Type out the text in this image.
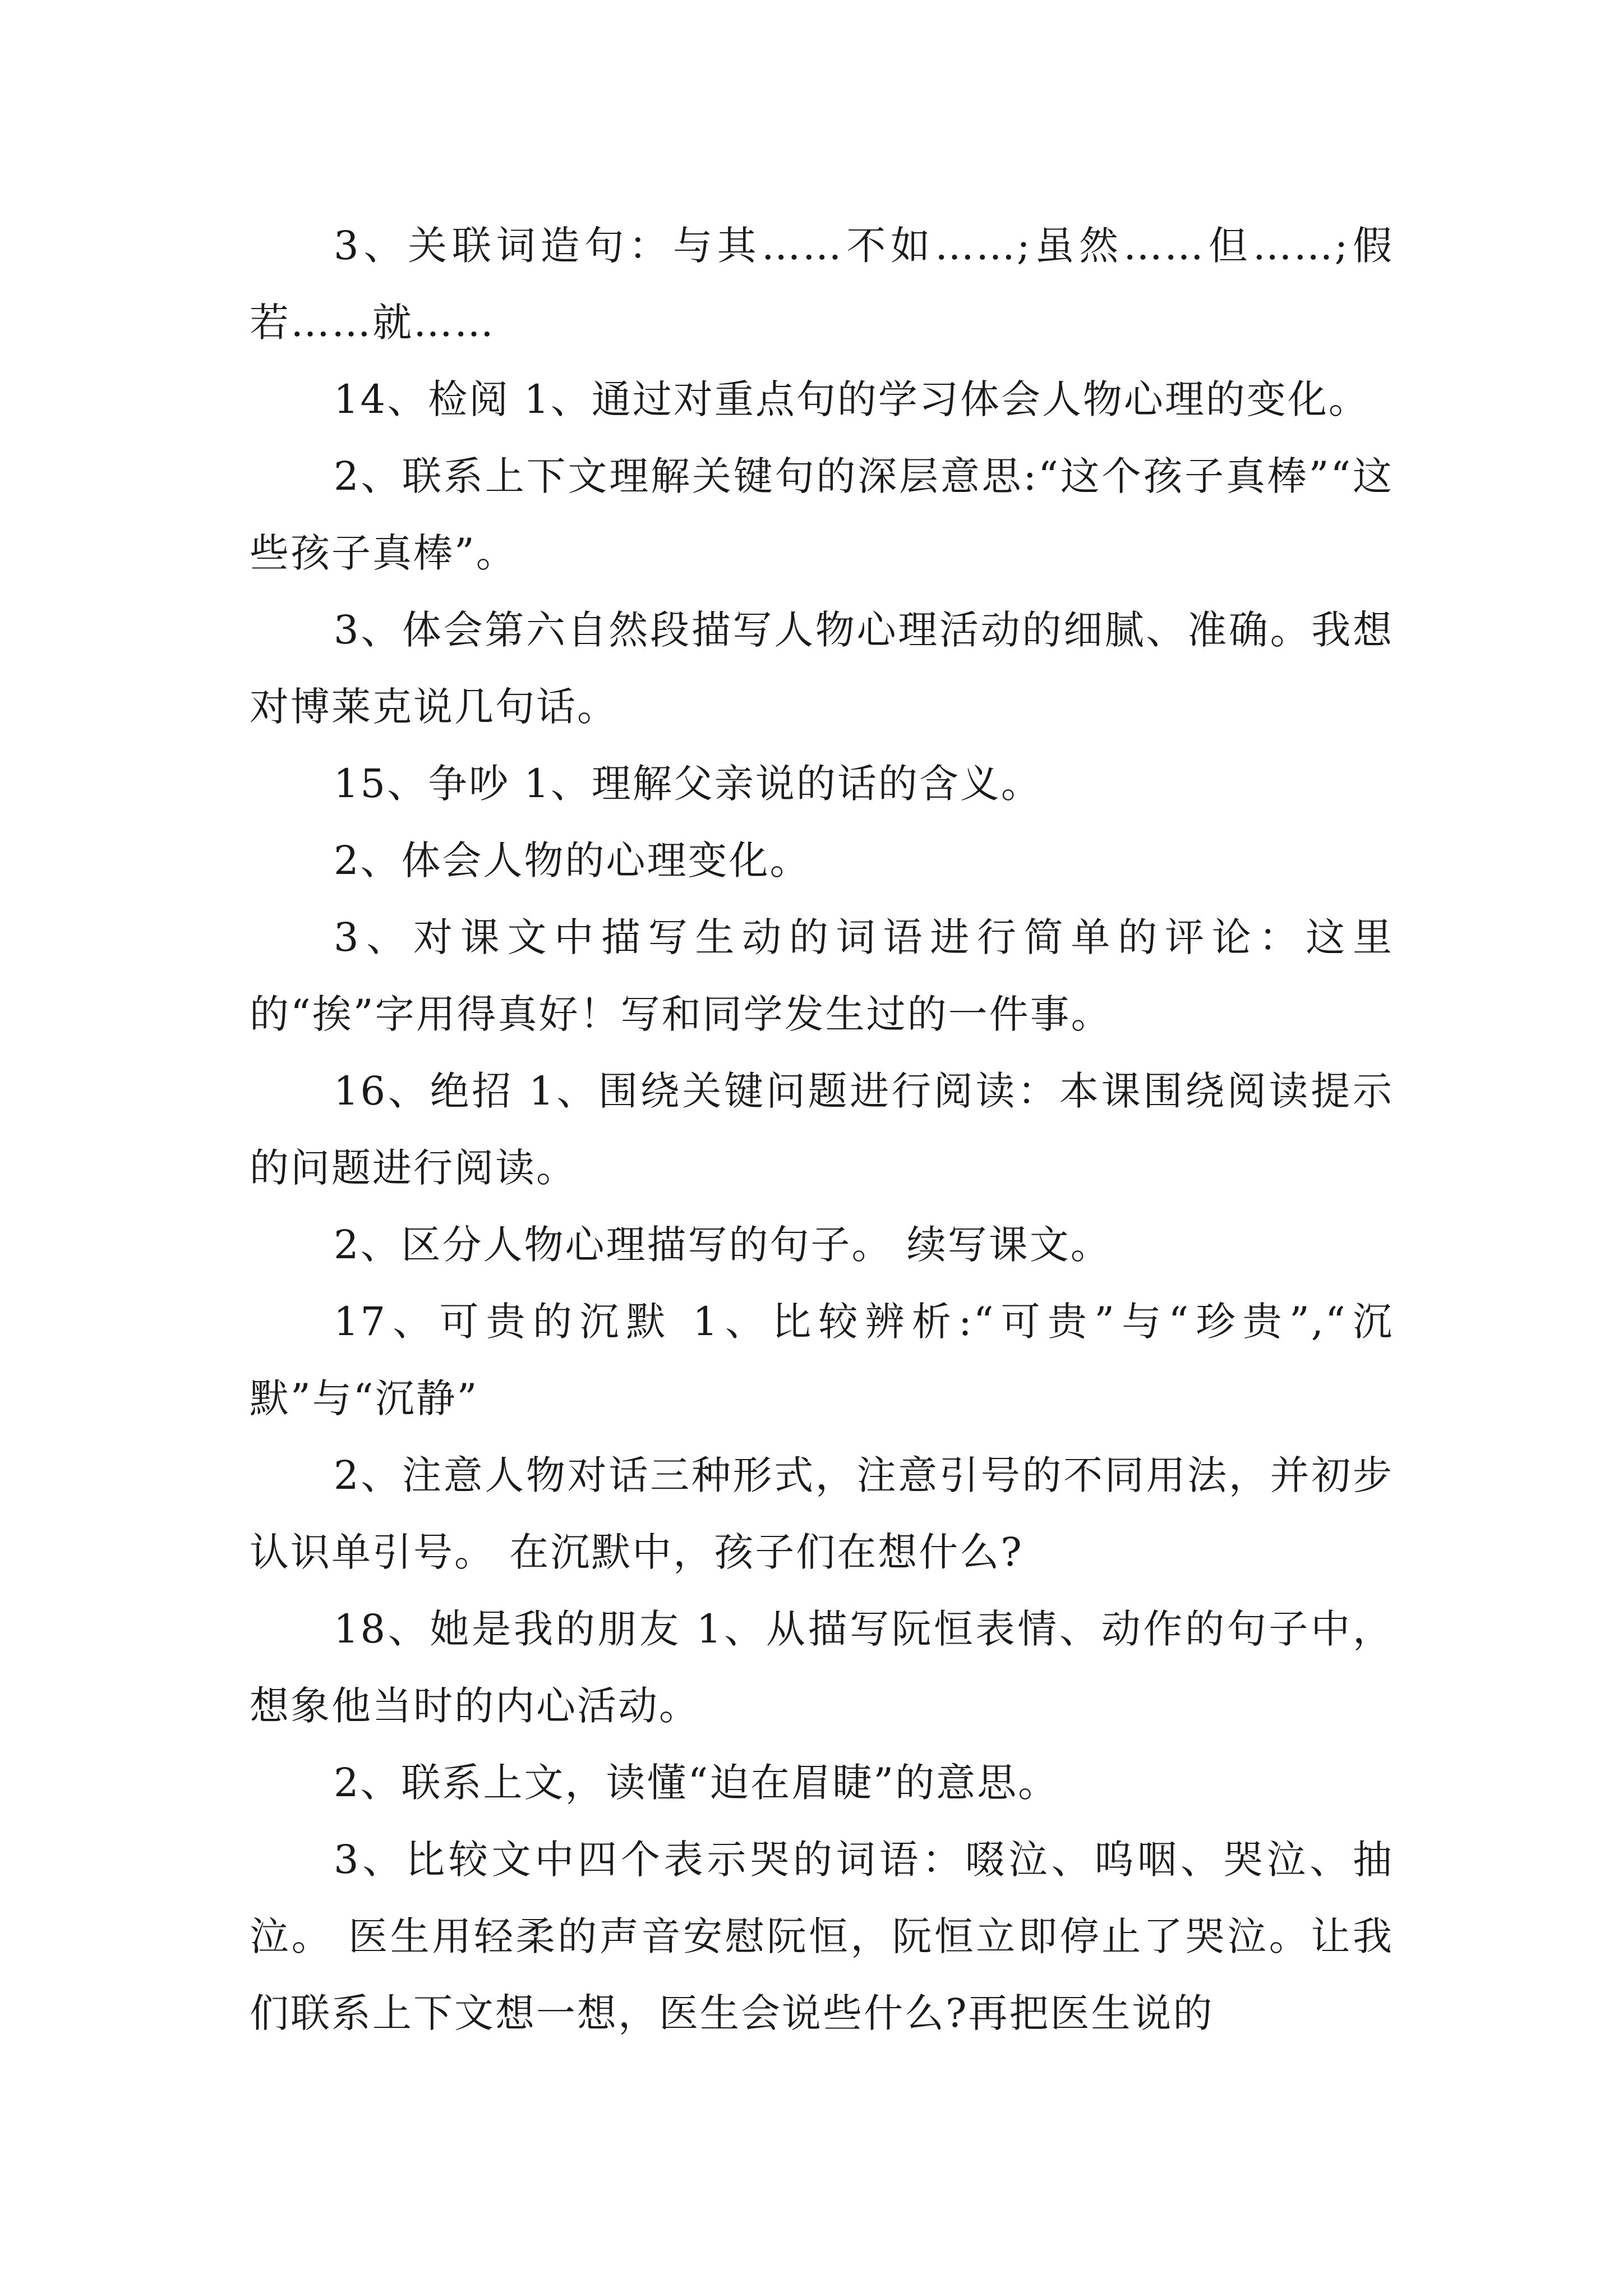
3、关联词造句：与其……不如……;虽然……但……;假若……就……

14、检阅 1、通过对重点句的学习体会人物心理的变化。

2、联系上下文理解关键句的深层意思:“这个孩子真棒”“这些孩子真棒”。

3、体会第六自然段描写人物心理活动的细腻、准确。我想对博莱克说几句话。

15、争吵 1、理解父亲说的话的含义。

2、体会人物的心理变化。

3、对课文中描写生动的词语进行简单的评论：这里的“挨”字用得真好！写和同学发生过的一件事。

16、绝招 1、围绕关键问题进行阅读：本课围绕阅读提示的问题进行阅读。

2、区分人物心理描写的句子。 续写课文。

17、可贵的沉默 1、比较辨析:“可贵”与“珍贵”,“沉默”与“沉静”

2、注意人物对话三种形式，注意引号的不同用法，并初步认识单引号。 在沉默中，孩子们在想什么?

18、她是我的朋友 1、从描写阮恒表情、动作的句子中，想象他当时的内心活动。

2、联系上文，读懂“迫在眉睫”的意思。

3、比较文中四个表示哭的词语：啜泣、呜咽、哭泣、抽泣。 医生用轻柔的声音安慰阮恒，阮恒立即停止了哭泣。让我们联系上下文想一想，医生会说些什么?再把医生说的
